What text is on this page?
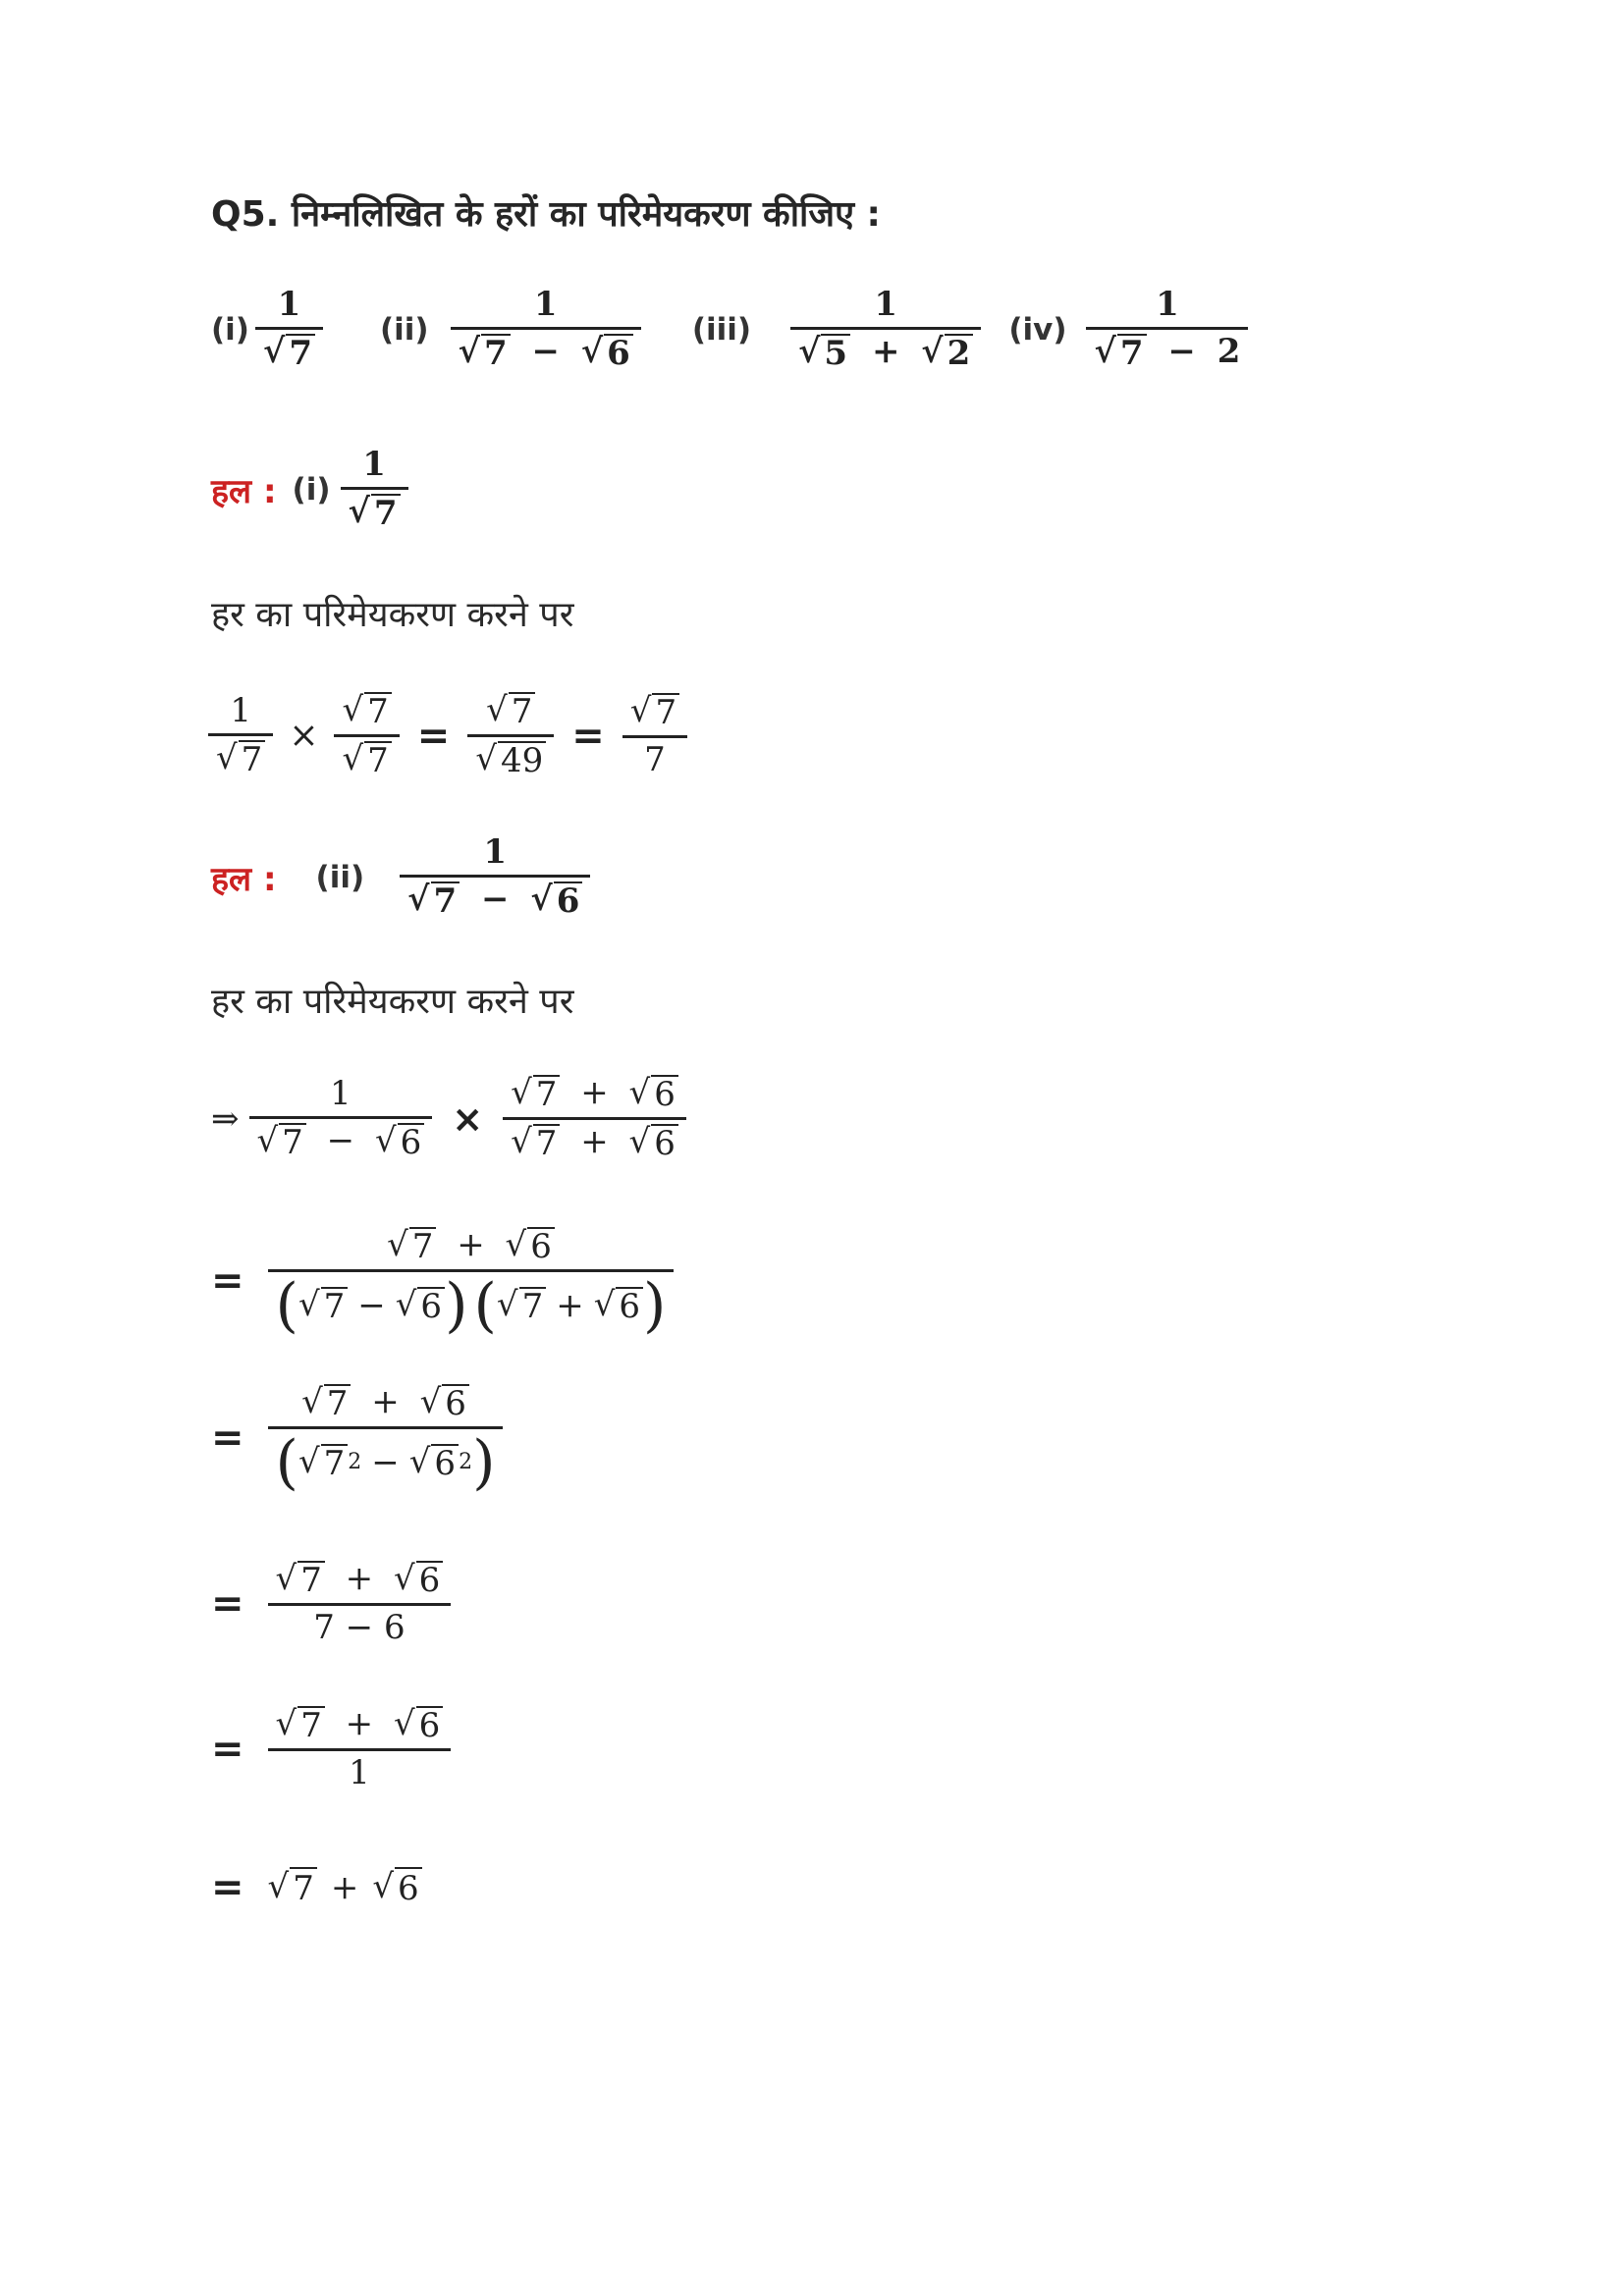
Q5. निम्नलिखित के हरों का परिमेयकरण कीजिए :
$(i) \frac{1}{√ 7} (ii) \frac{1}{√ 7 - √ 6} (iii) \frac{1}{√ 5 + √ 2} (iv) \frac{1}{√ 7 - 2}$
हल : $(i) \frac{1}{√ 7}$
हर का परिमेयकरण करने पर
$\frac{1}{√ 7} \times \frac{√ 7}{√ 7} = \frac{√ 7}{√ 49} = \frac{√ 7}{7}$
हल : $(ii) \frac{1}{√ 7 - √ 6}$
हर का परिमेयकरण करने पर
⇒ $\frac{1}{√ 7 - √ 6} \times \frac{√ 7 + √ 6}{√ 7 + √ 6}$
=
√ 7 + √ 6
( √ 7 − √ 6 ) ( √ 7 + √ 6 )
= $\frac{√ 7 + √ 6}{( √ 7 2 - √ 6 2 )}$
= $\frac{√ 7 + √ 6}{7 - 6}$
= $\frac{√ 7 + √ 6}{1}$
= √ 7 + √ 6
